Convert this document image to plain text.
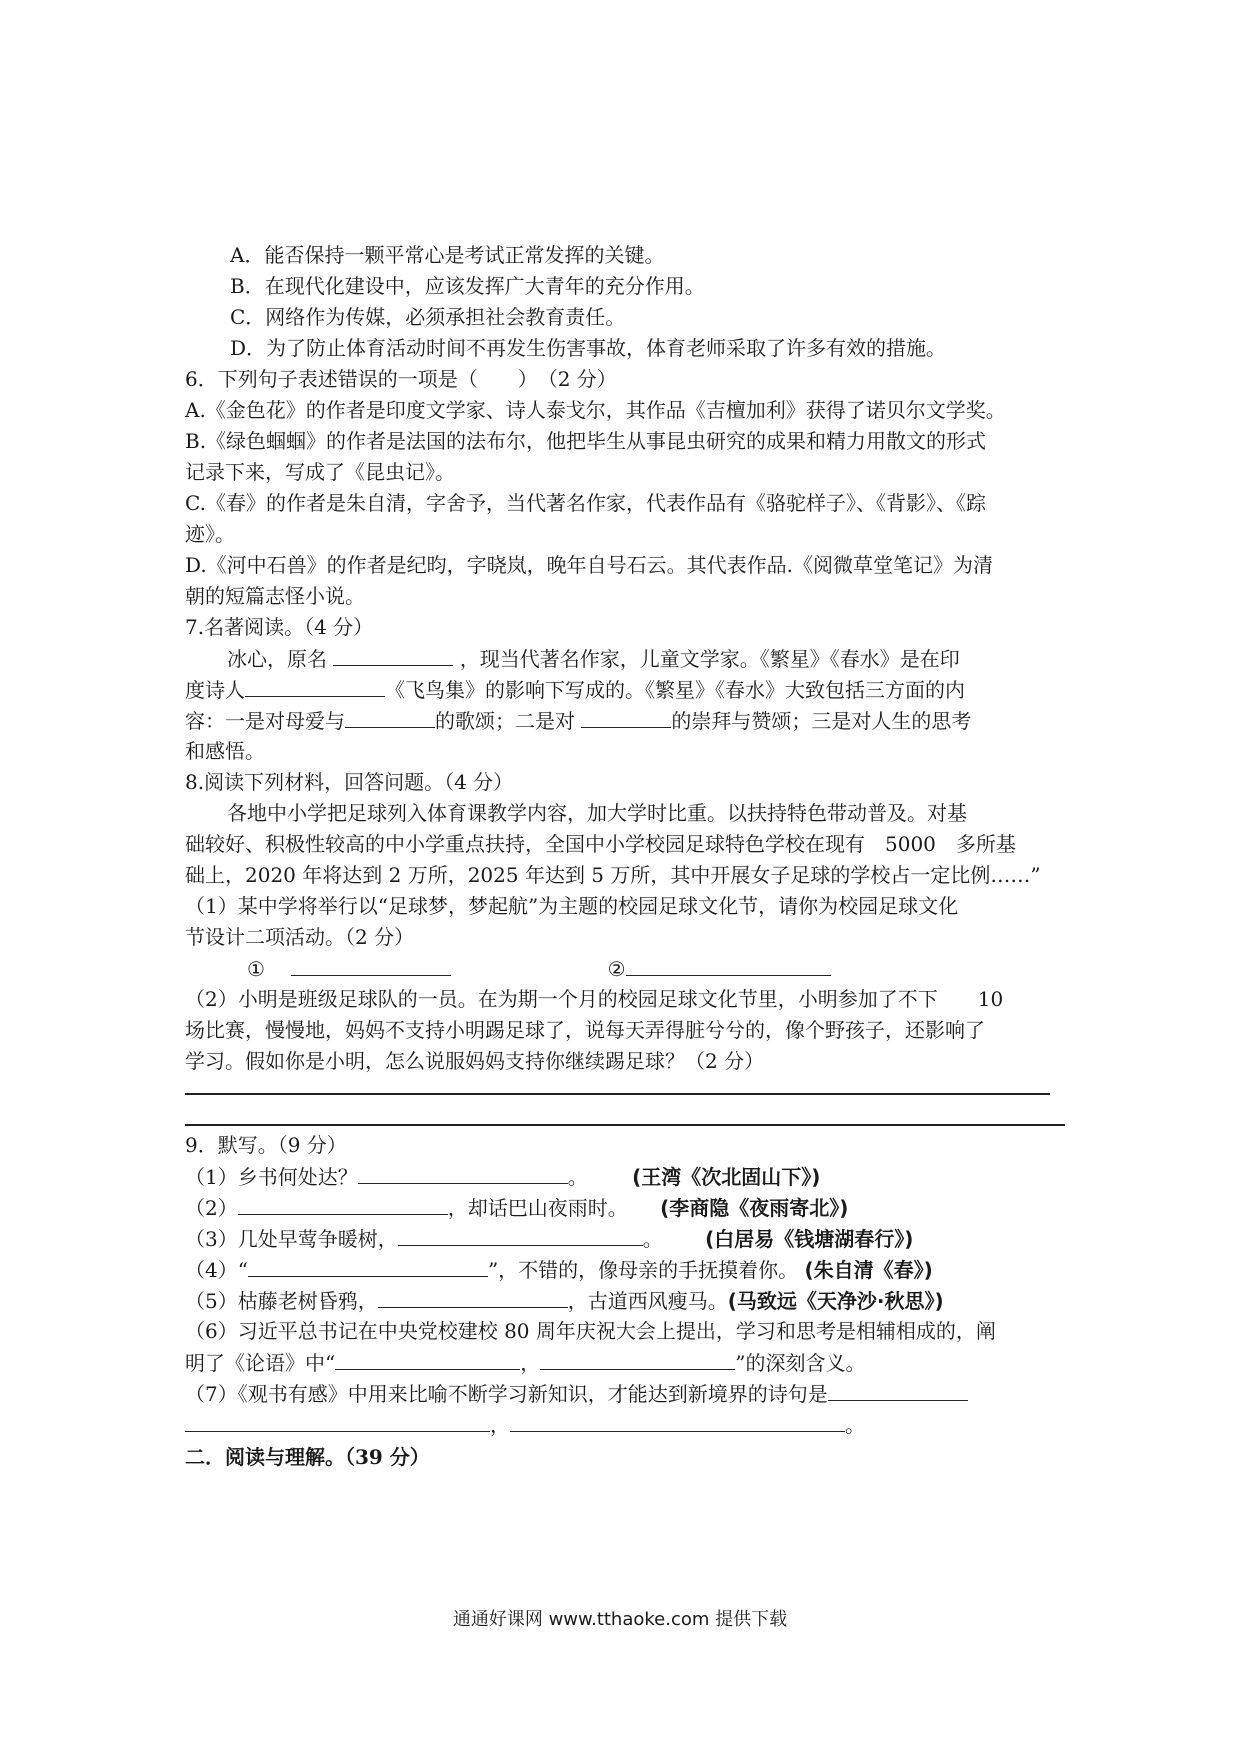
A．能否保持一颗平常心是考试正常发挥的关键。
B．在现代化建设中，应该发挥广大青年的充分作用。
C．网络作为传媒，必须承担社会教育责任。
D．为了防止体育活动时间不再发生伤害事故，体育老师采取了许多有效的措施。
6．下列句子表述错误的一项是（　　）　（2 分）
A.《金色花》的作者是印度文学家、诗人泰戈尔，其作品《吉檀加利》获得了诺贝尔文学奖。
B.《绿色蝈蝈》的作者是法国的法布尔，他把毕生从事昆虫研究的成果和精力用散文的形式
记录下来，写成了《昆虫记》。
C.《春》的作者是朱自清，字舍予，当代著名作家，代表作品有《骆驼样子》、《背影》、《踪
迹》。
D.《河中石兽》的作者是纪昀，字晓岚，晚年自号石云。其代表作品.《阅微草堂笔记》为清
朝的短篇志怪小说。
7.名著阅读。（4 分）
冰心，原名	，现当代著名作家，儿童文学家。《繁星》《春水》是在印
度诗人	《飞鸟集》的影响下写成的。《繁星》《春水》大致包括三方面的内
容：一是对母爱与	的歌颂；二是对	的崇拜与赞颂；三是对人生的思考
和感悟。
8.阅读下列材料，回答问题。（4 分）
各地中小学把足球列入体育课教学内容，加大学时比重。以扶持特色带动普及。对基
础较好、积极性较高的中小学重点扶持，全国中小学校园足球特色学校在现有　5000　多所基
础上，2020 年将达到 2 万所，2025 年达到 5 万所，其中开展女子足球的学校占一定比例……”
（1）某中学将举行以“足球梦，梦起航”为主题的校园足球文化节，请你为校园足球文化
节设计二项活动。（2 分）
①	②
（2）小明是班级足球队的一员。在为期一个月的校园足球文化节里，小明参加了不下　　10
场比赛，慢慢地，妈妈不支持小明踢足球了，说每天弄得脏兮兮的，像个野孩子，还影响了
学习。假如你是小明，怎么说服妈妈支持你继续踢足球？（2 分）
9．默写。（9 分）
（1）乡书何处达？	。 (王湾《次北固山下》)
（2）	，却话巴山夜雨时。 (李商隐《夜雨寄北》)
（3）几处早莺争暖树，	。 (白居易《钱塘湖春行》)
（4）“	”，不错的，像母亲的手抚摸着你。 (朱自清《春》)
（5）枯藤老树昏鸦，	，古道西风瘦马。(马致远《天净沙·秋思》)
（6）习近平总书记在中央党校建校 80 周年庆祝大会上提出，学习和思考是相辅相成的，阐
明了《论语》中“	，	”的深刻含义。
（7）《观书有感》中用来比喻不断学习新知识，才能达到新境界的诗句是
，	。
二．阅读与理解。（39 分）
通通好课网 www.tthaoke.com 提供下载
